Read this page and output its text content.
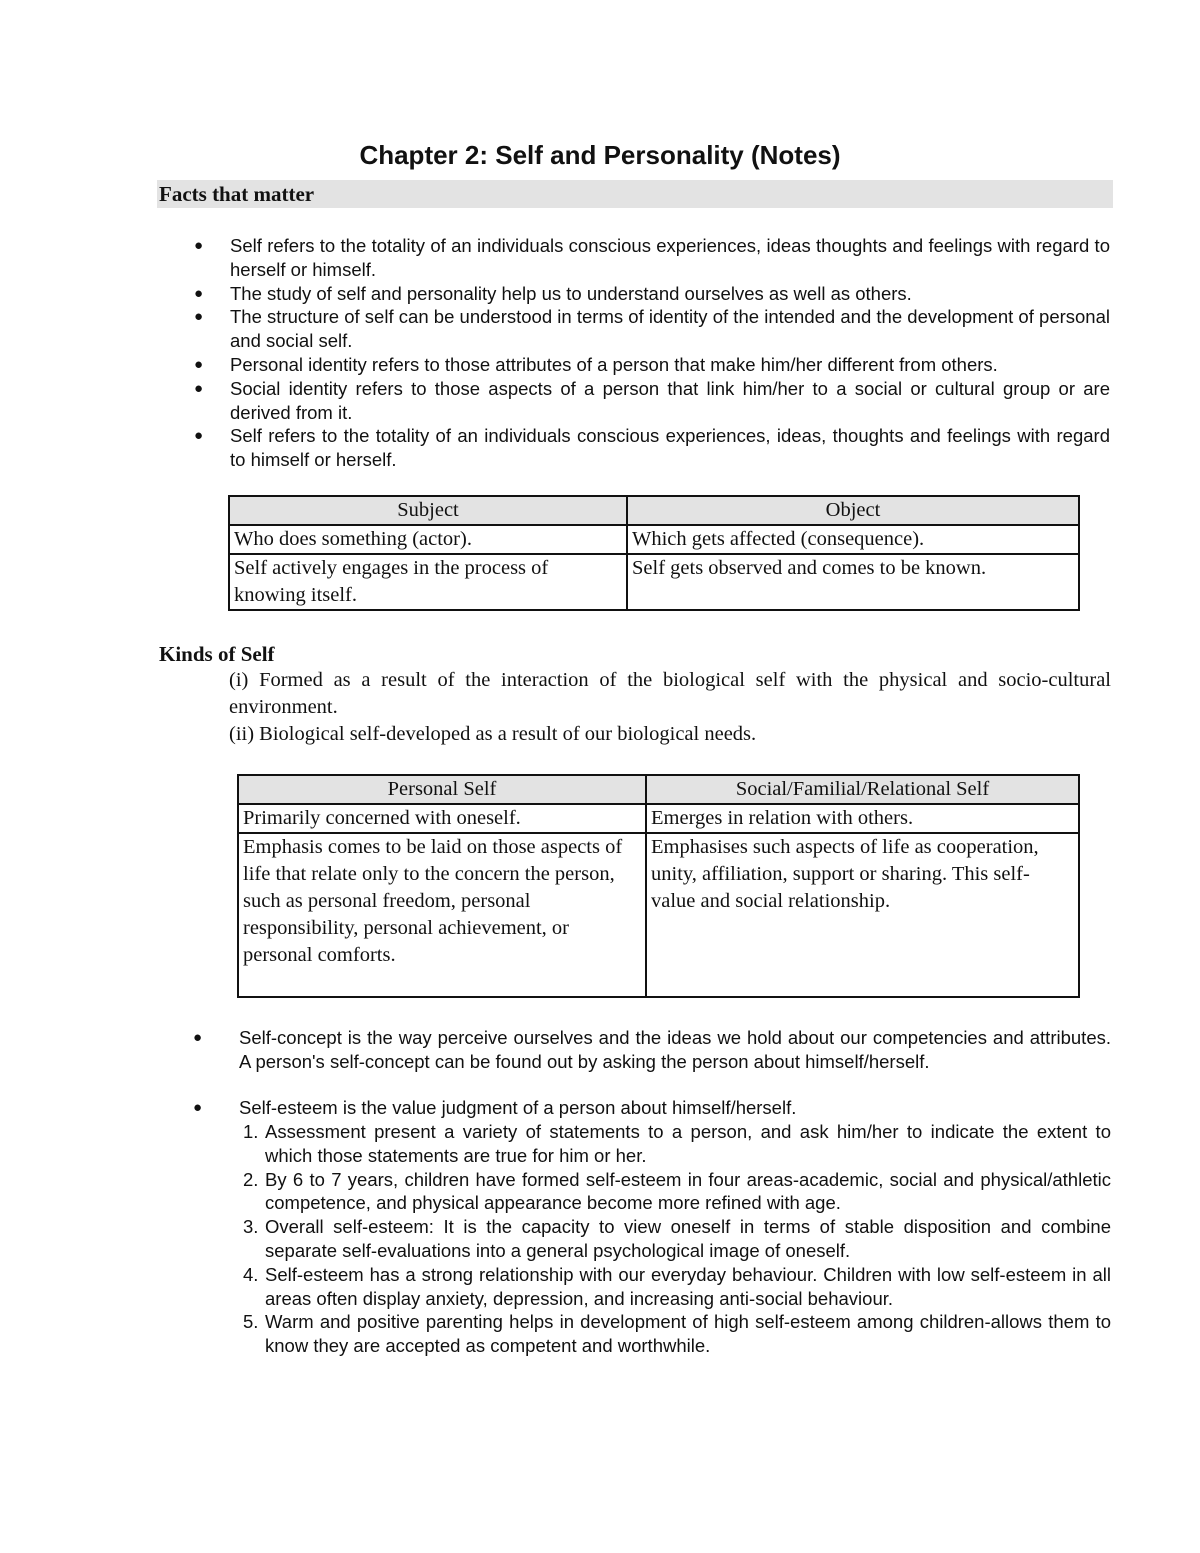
Chapter 2: Self and Personality (Notes)
Facts that matter
● Self refers to the totality of an individuals conscious experiences, ideas thoughts and feelings with regard to herself or himself.
● The study of self and personality help us to understand ourselves as well as others.
● The structure of self can be understood in terms of identity of the intended and the development of personal and social self.
● Personal identity refers to those attributes of a person that make him/her different from others.
● Social identity refers to those aspects of a person that link him/her to a social or cultural group or are derived from it.
● Self refers to the totality of an individuals conscious experiences, ideas, thoughts and feelings with regard to himself or herself.
Subject	Object
Who does something (actor).	Which gets affected (consequence).
Self actively engages in the process of knowing itself.	Self gets observed and comes to be known.
Kinds of Self

(i) Formed as a result of the interaction of the biological self with the physical and socio-cultural environment.

(ii) Biological self-developed as a result of our biological needs.

Personal Self	Social/Familial/Relational Self
Primarily concerned with oneself.	Emerges in relation with others.
Emphasis comes to be laid on those aspects of life that relate only to the concern the person, such as personal freedom, personal responsibility, personal achievement, or personal comforts.	Emphasises such aspects of life as cooperation, unity, affiliation, support or sharing. This self-value and social relationship.
● Self-concept is the way perceive ourselves and the ideas we hold about our competencies and attributes. A person's self-concept can be found out by asking the person about himself/herself.
● Self-esteem is the value judgment of a person about himself/herself.
1. Assessment present a variety of statements to a person, and ask him/her to indicate the extent to which those statements are true for him or her.
2. By 6 to 7 years, children have formed self-esteem in four areas-academic, social and physical/athletic competence, and physical appearance become more refined with age.
3. Overall self-esteem: It is the capacity to view oneself in terms of stable disposition and combine separate self-evaluations into a general psychological image of oneself.
4. Self-esteem has a strong relationship with our everyday behaviour. Children with low self-esteem in all areas often display anxiety, depression, and increasing anti-social behaviour.
5. Warm and positive parenting helps in development of high self-esteem among children-allows them to know they are accepted as competent and worthwhile.
